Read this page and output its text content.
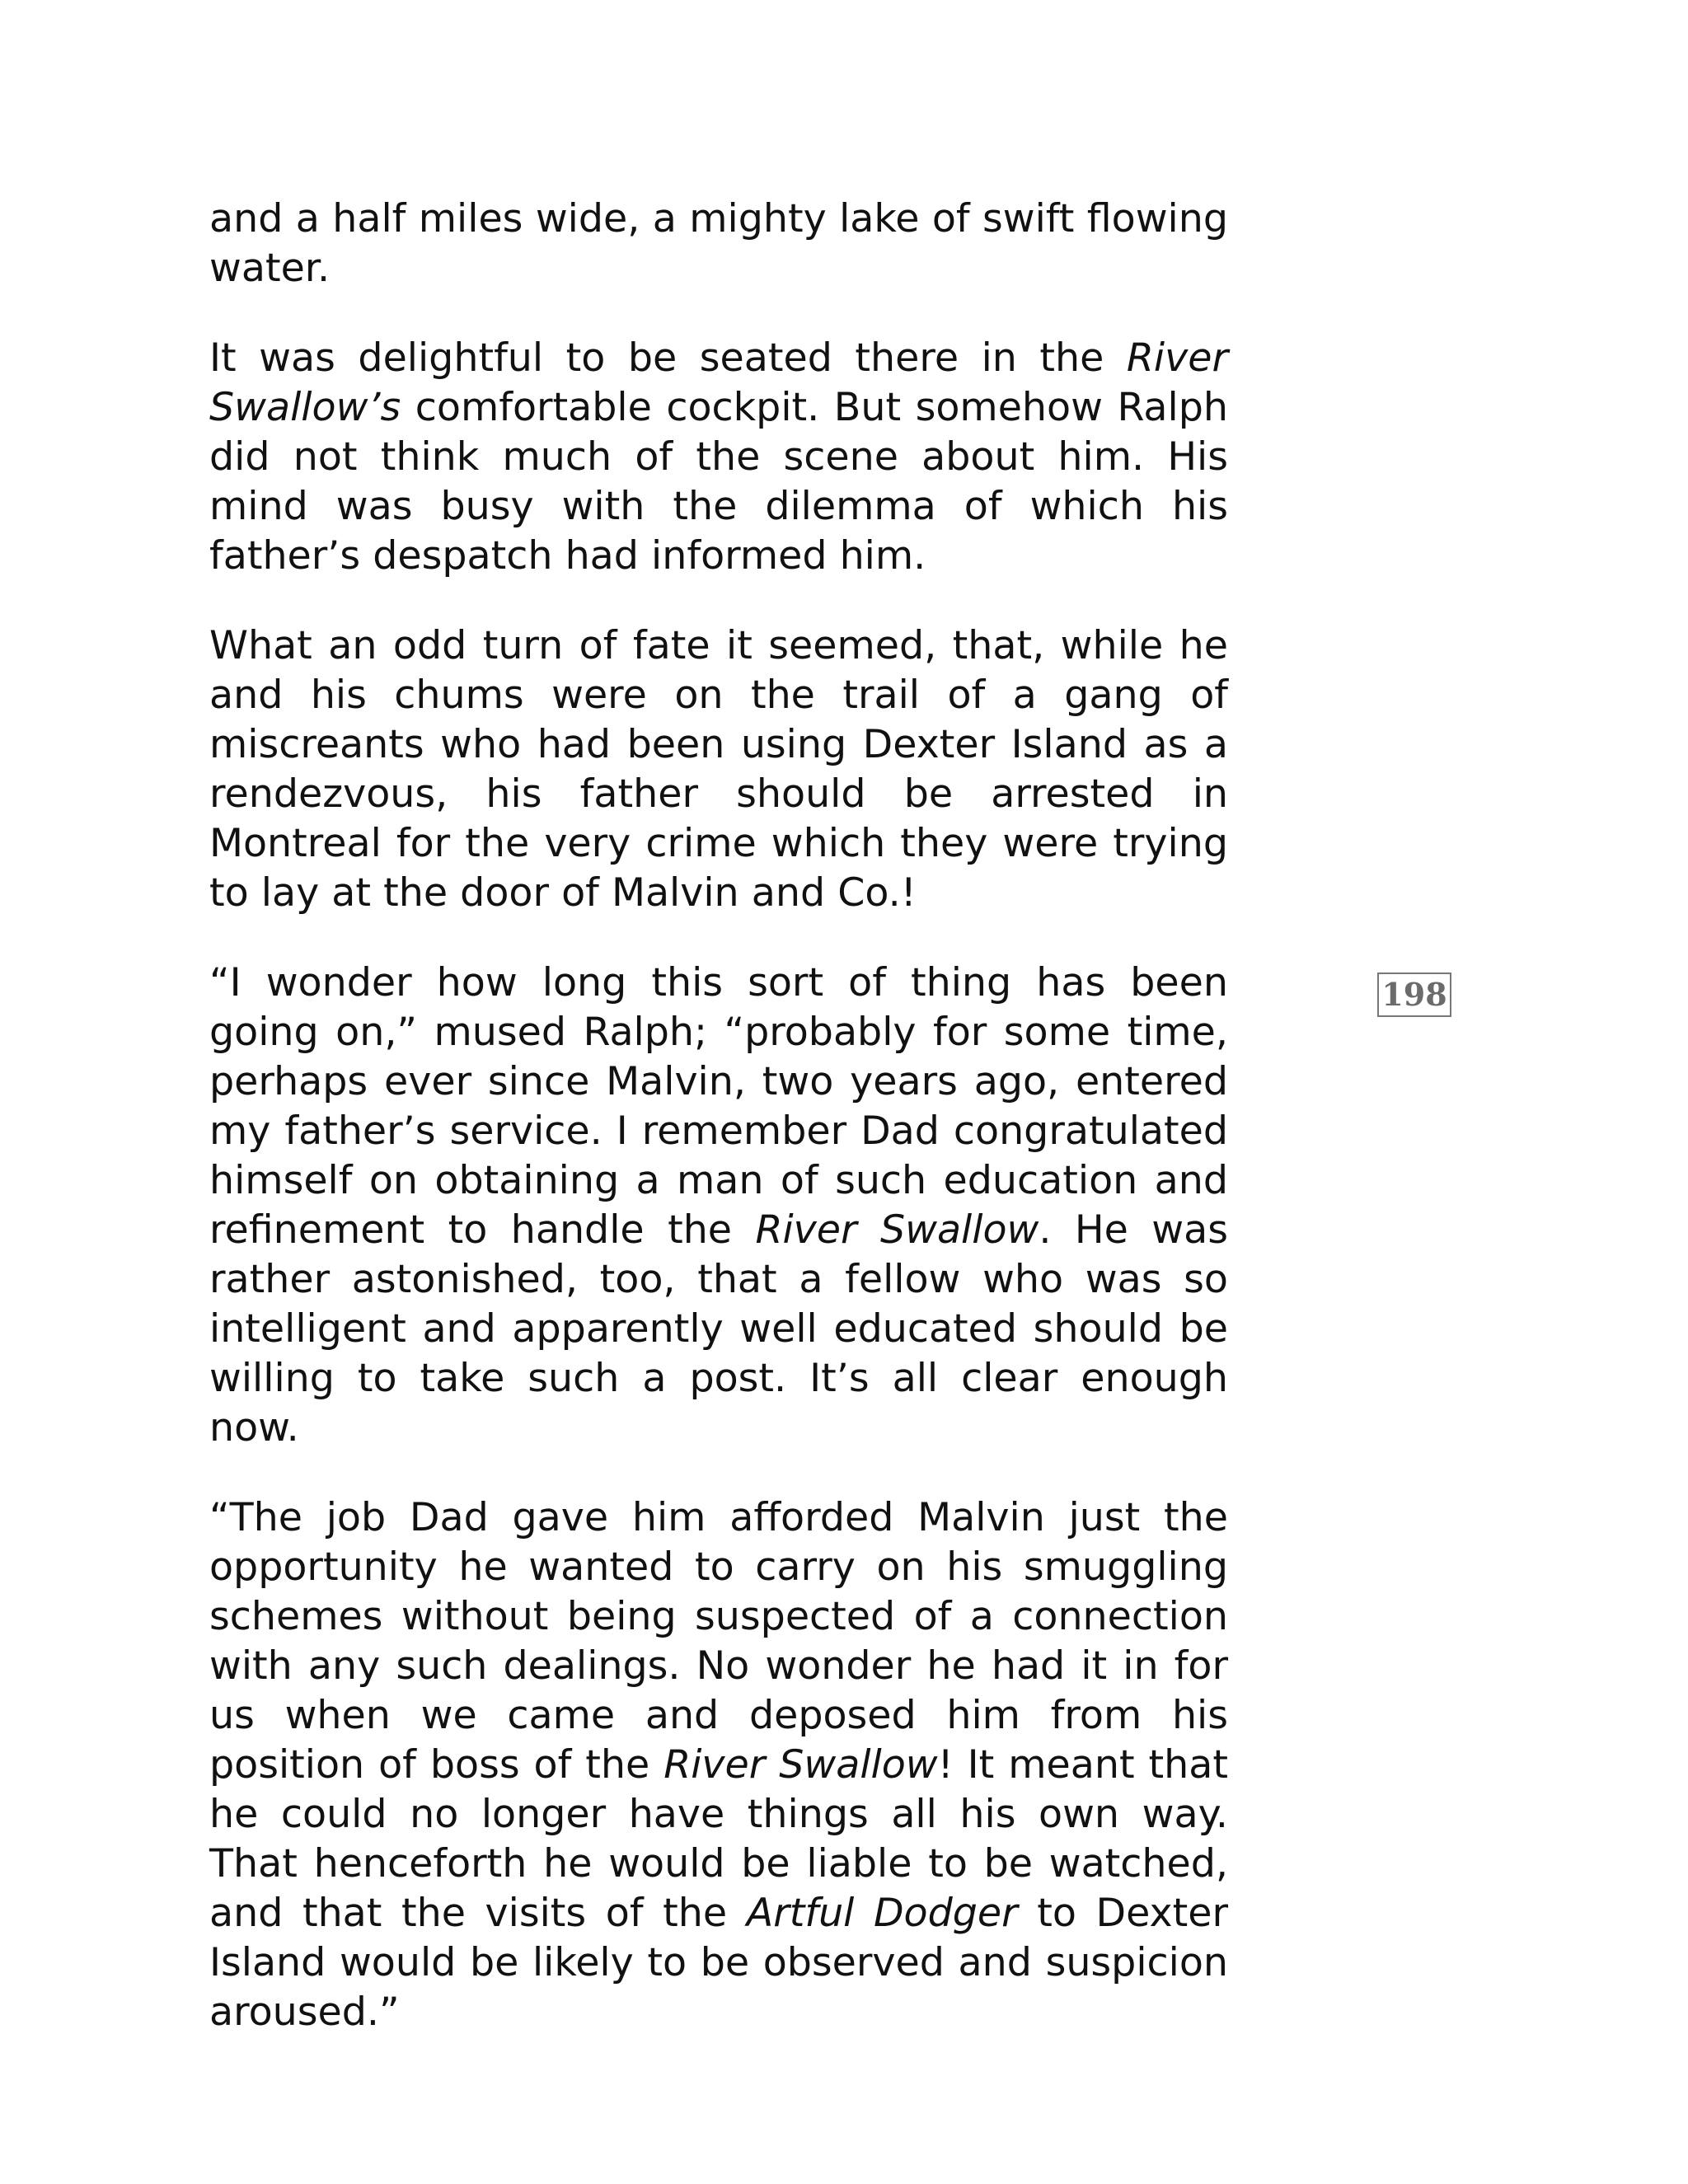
and a half miles wide, a mighty lake of swift flowing water.

It was delightful to be seated there in the River Swallow’s comfortable cockpit. But somehow Ralph did not think much of the scene about him. His mind was busy with the dilemma of which his father’s despatch had informed him.

What an odd turn of fate it seemed, that, while he and his chums were on the trail of a gang of miscreants who had been using Dexter Island as a rendezvous, his father should be arrested in Montreal for the very crime which they were trying to lay at the door of Malvin and Co.!

“I wonder how long this sort of thing has been going on,” mused Ralph; “probably for some time, perhaps ever since Malvin, two years ago, entered my father’s service. I remember Dad congratulated himself on obtaining a man of such education and refinement to handle the River Swallow. He was rather astonished, too, that a fellow who was so intelligent and apparently well educated should be willing to take such a post. It’s all clear enough now.

“The job Dad gave him afforded Malvin just the opportunity he wanted to carry on his smuggling schemes without being suspected of a connection with any such dealings. No wonder he had it in for us when we came and deposed him from his position of boss of the River Swallow! It meant that he could no longer have things all his own way. That henceforth he would be liable to be watched, and that the visits of the Artful Dodger to Dexter Island would be likely to be observed and suspicion aroused.”

198
